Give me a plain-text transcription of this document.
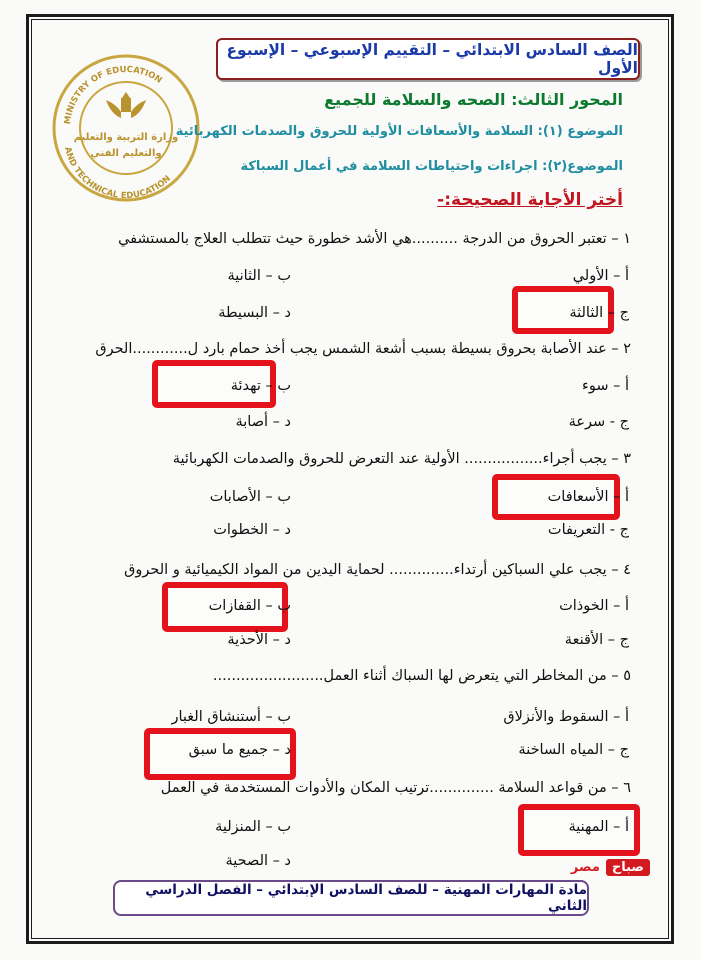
الصف السادس الابتدائي – التقييم الإسبوعي – الإسبوع الأول
MINISTRY OF EDUCATION
AND TECHNICAL EDUCATION
وزارة التربية والتعليم
والتعليم الفني
المحور الثالث: الصحه والسلامة للجميع
الموضوع (١): السلامة والأسعافات الأولية للحروق والصدمات الكهربائية
الموضوع(٢): اجراءات واحتياطات السلامة في أعمال السباكة
أختر الأجابة الصحيحة:-
١ – تعتبر الحروق من الدرجة ..........هي الأشد خطورة حيث تتطلب العلاج بالمستشفي
أ – الأولي
ب – الثانية
ج – الثالثة
د – البسيطة
٢ – عند الأصابة بحروق بسيطة بسبب أشعة الشمس يجب أخذ حمام بارد ل............الحرق
أ – سوء
ب – تهدئة
ج - سرعة
د – أصابة
٣ – يجب أجراء................. الأولية عند التعرض للحروق والصدمات الكهربائية
أ – الأسعافات
ب – الأصابات
ج - التعريفات
د – الخطوات
٤ – يجب علي السباكين أرتداء.............. لحماية اليدين من المواد الكيميائية و الحروق
أ – الخوذات
ب – القفازات
ج – الأقنعة
د – الأحذية
٥ – من المخاطر التي يتعرض لها السباك أثناء العمل........................
أ – السقوط والأنزلاق
ب – أستنشاق الغبار
ج – المياه الساخنة
د – جميع ما سبق
٦ – من قواعد السلامة ..............ترتيب المكان والأدوات المستخدمة في العمل
أ – المهنية
ب – المنزلية
د – الصحية	صباح
مصر
مادة المهارات المهنية – للصف السادس الإبتدائي – الفصل الدراسي الثاني
